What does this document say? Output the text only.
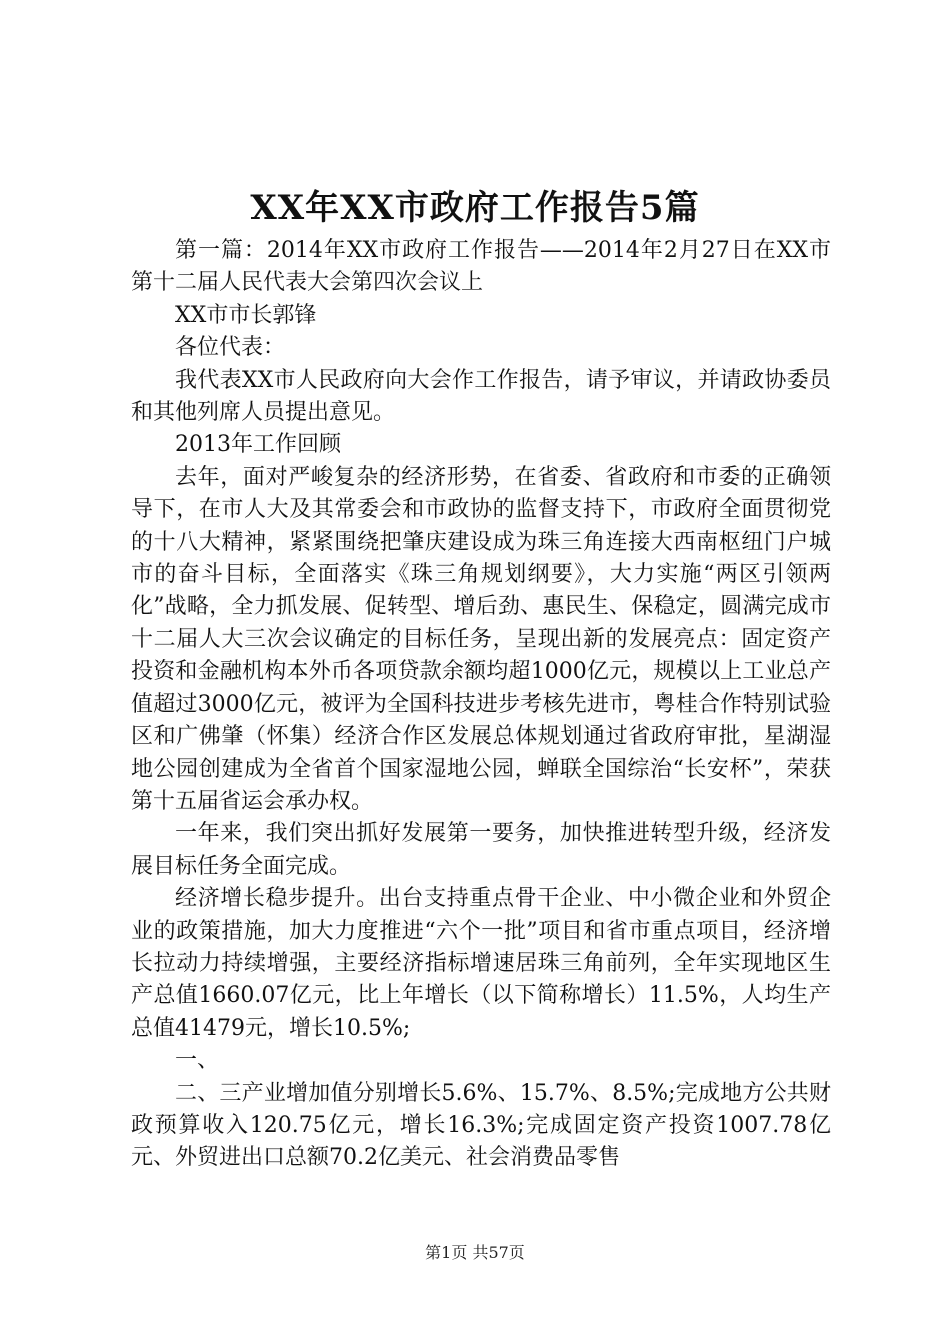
XX年XX市政府工作报告5篇

第一篇：2014年XX市政府工作报告——2014年2月27日在XX市第十二届人民代表大会第四次会议上

XX市市长郭锋

各位代表：

我代表XX市人民政府向大会作工作报告，请予审议，并请政协委员和其他列席人员提出意见。

2013年工作回顾

去年，面对严峻复杂的经济形势，在省委、省政府和市委的正确领导下，在市人大及其常委会和市政协的监督支持下，市政府全面贯彻党的十八大精神，紧紧围绕把肇庆建设成为珠三角连接大西南枢纽门户城市的奋斗目标，全面落实《珠三角规划纲要》，大力实施“两区引领两化”战略，全力抓发展、促转型、增后劲、惠民生、保稳定，圆满完成市十二届人大三次会议确定的目标任务，呈现出新的发展亮点：固定资产投资和金融机构本外币各项贷款余额均超1000亿元，规模以上工业总产值超过3000亿元，被评为全国科技进步考核先进市，粤桂合作特别试验区和广佛肇（怀集）经济合作区发展总体规划通过省政府审批，星湖湿地公园创建成为全省首个国家湿地公园，蝉联全国综治“长安杯”，荣获第十五届省运会承办权。

一年来，我们突出抓好发展第一要务，加快推进转型升级，经济发展目标任务全面完成。

经济增长稳步提升。出台支持重点骨干企业、中小微企业和外贸企业的政策措施，加大力度推进“六个一批”项目和省市重点项目，经济增长拉动力持续增强，主要经济指标增速居珠三角前列，全年实现地区生产总值1660.07亿元，比上年增长（以下简称增长）11.5%，人均生产总值41479元，增长10.5%;

一、

二、三产业增加值分别增长5.6%、15.7%、8.5%;完成地方公共财政预算收入120.75亿元，增长16.3%;完成固定资产投资1007.78亿元、外贸进出口总额70.2亿美元、社会消费品零售

第1页 共57页
